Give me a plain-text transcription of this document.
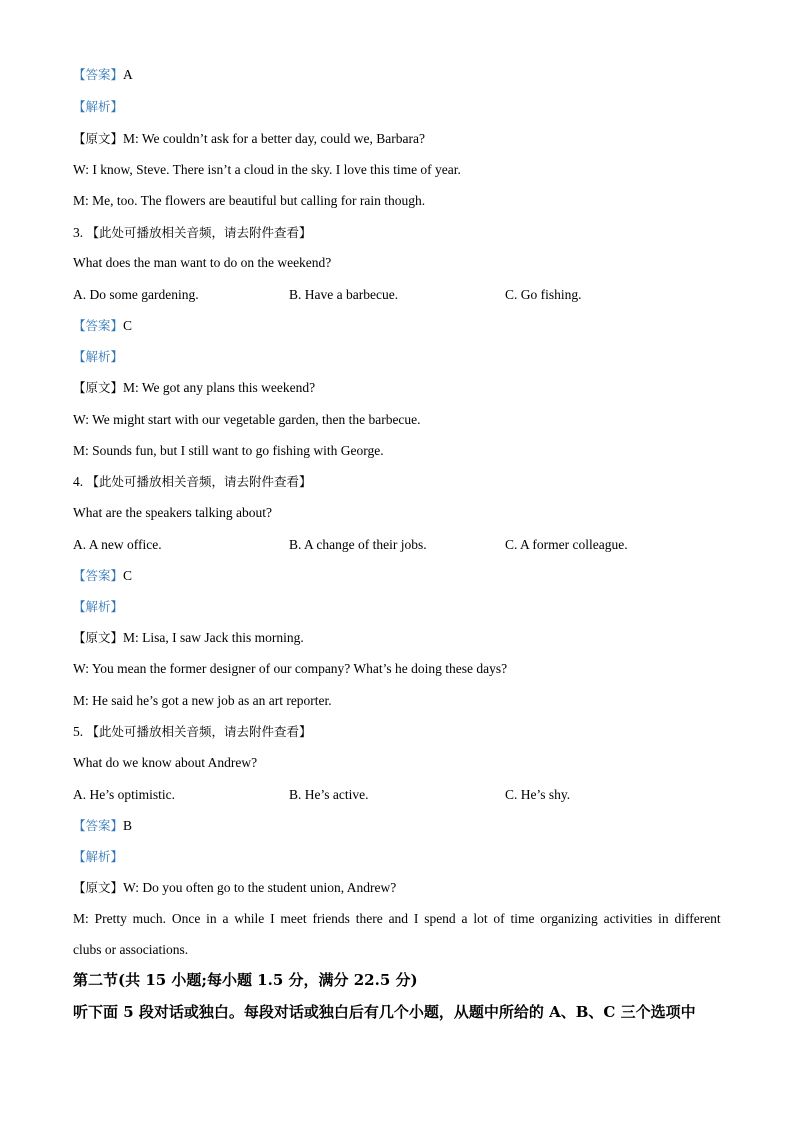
【答案】A
【解析】
【原文】M: We couldn’t ask for a better day, could we, Barbara?
W: I know, Steve. There isn’t a cloud in the sky. I love this time of year.
M: Me, too. The flowers are beautiful but calling for rain though.
3. 【此处可播放相关音频，请去附件查看】
What does the man want to do on the weekend?
A. Do some gardening.	B. Have a barbecue.	C. Go fishing.
【答案】C
【解析】
【原文】M: We got any plans this weekend?
W: We might start with our vegetable garden, then the barbecue.
M: Sounds fun, but I still want to go fishing with George.
4. 【此处可播放相关音频，请去附件查看】
What are the speakers talking about?
A. A new office.	B. A change of their jobs.	C. A former colleague.
【答案】C
【解析】
【原文】M: Lisa, I saw Jack this morning.
W: You mean the former designer of our company? What’s he doing these days?
M: He said he’s got a new job as an art reporter.
5. 【此处可播放相关音频，请去附件查看】
What do we know about Andrew?
A. He’s optimistic.	B. He’s active.	C. He’s shy.
【答案】B
【解析】
【原文】W: Do you often go to the student union, Andrew?
M: Pretty much. Once in a while I meet friends there and I spend a lot of time organizing activities in different
clubs or associations.
第二节(共 15 小题;每小题 1.5 分，满分 22.5 分)
听下面 5 段对话或独白。每段对话或独白后有几个小题，从题中所给的 A、B、C 三个选项中
